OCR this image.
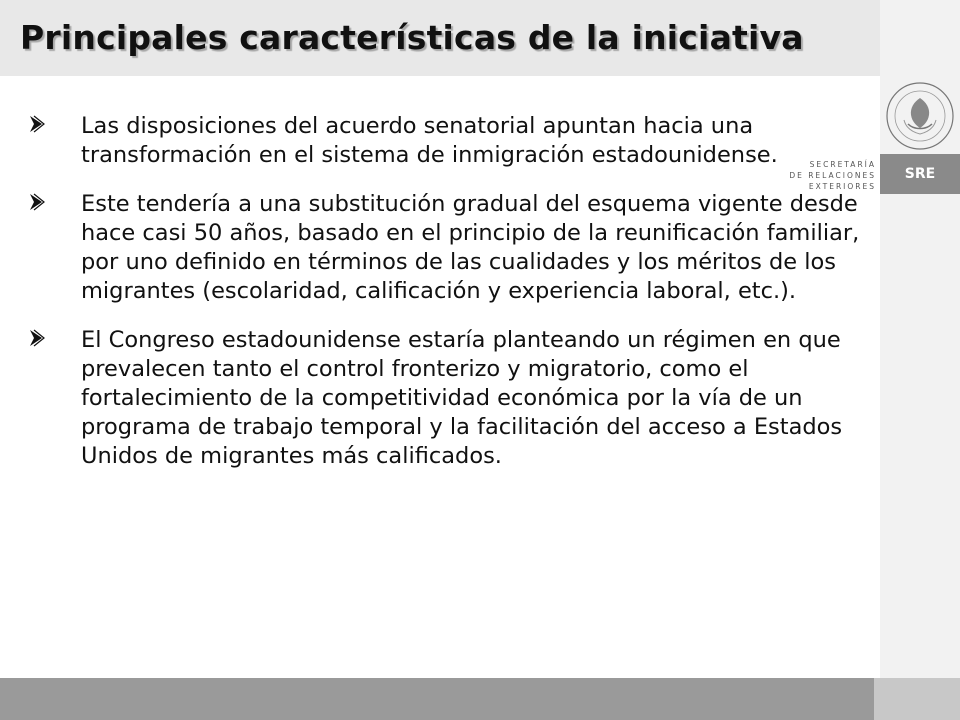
Principales características de la iniciativa
SECRETARÍA
DE RELACIONES
EXTERIORES
SRE

Las disposiciones del acuerdo senatorial apuntan hacia una transformación en el sistema de inmigración estadounidense.

Este tendería a una substitución gradual del esquema vigente desde hace casi 50 años, basado en el principio de la reunificación familiar, por uno definido en términos de las cualidades y los méritos de los migrantes (escolaridad, calificación y experiencia laboral, etc.).

El Congreso estadounidense estaría planteando un régimen en que prevalecen tanto el control fronterizo y migratorio, como el fortalecimiento de la competitividad económica por la vía de un programa de trabajo temporal y la facilitación del acceso a Estados Unidos de migrantes más calificados.
